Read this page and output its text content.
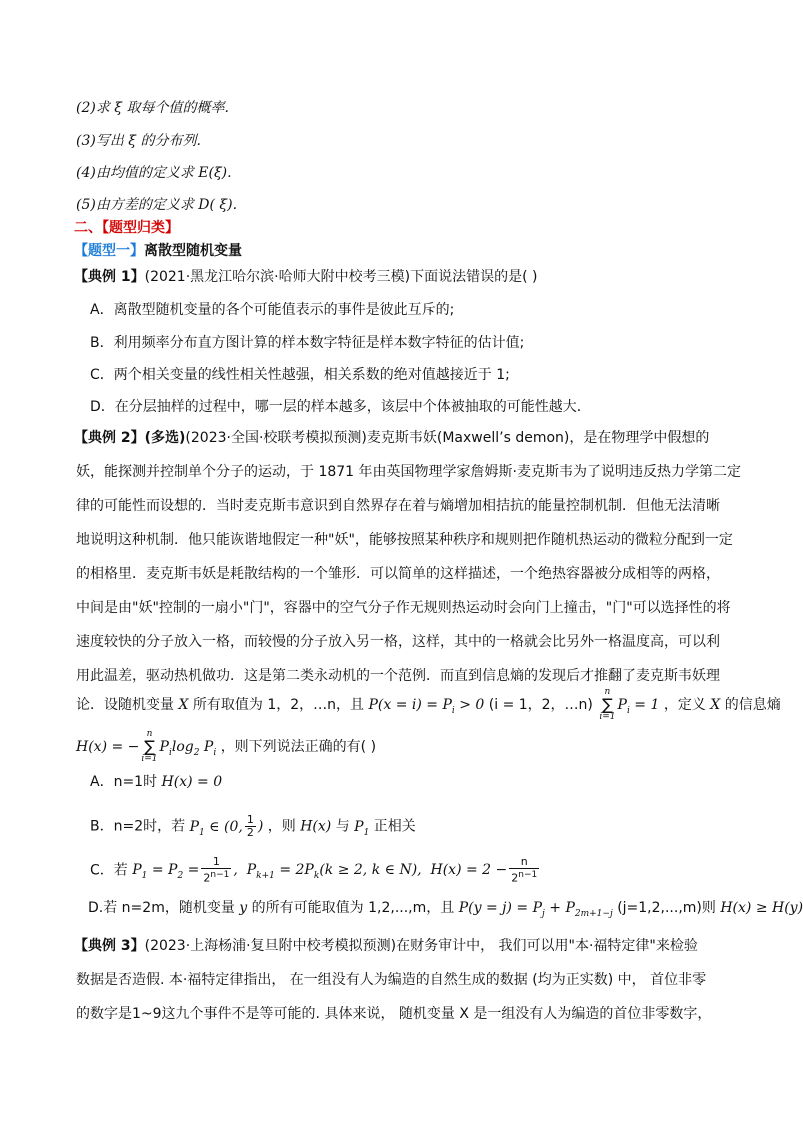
(2)求 ξ 取每个值的概率.
(3)写出 ξ 的分布列.
(4)由均值的定义求 E(ξ).
(5)由方差的定义求 D( ξ).
二、【题型归类】
【题型一】离散型随机变量
【典例 1】(2021·黑龙江哈尔滨·哈师大附中校考三模)下面说法错误的是( )
A．离散型随机变量的各个可能值表示的事件是彼此互斥的;
B．利用频率分布直方图计算的样本数字特征是样本数字特征的估计值;
C．两个相关变量的线性相关性越强，相关系数的绝对值越接近于 1;
D．在分层抽样的过程中，哪一层的样本越多，该层中个体被抽取的可能性越大．
【典例 2】(多选)(2023·全国·校联考模拟预测)麦克斯韦妖(Maxwell’s demon)，是在物理学中假想的
妖，能探测并控制单个分子的运动，于 1871 年由英国物理学家詹姆斯·麦克斯韦为了说明违反热力学第二定
律的可能性而设想的．当时麦克斯韦意识到自然界存在着与熵增加相拮抗的能量控制机制．但他无法清晰
地说明这种机制．他只能诙谐地假定一种"妖"，能够按照某种秩序和规则把作随机热运动的微粒分配到一定
的相格里．麦克斯韦妖是耗散结构的一个雏形．可以简单的这样描述，一个绝热容器被分成相等的两格，
中间是由"妖"控制的一扇小"门"，容器中的空气分子作无规则热运动时会向门上撞击，"门"可以选择性的将
速度较快的分子放入一格，而较慢的分子放入另一格，这样，其中的一格就会比另外一格温度高，可以利
用此温差，驱动热机做功．这是第二类永动机的一个范例．而直到信息熵的发现后才推翻了麦克斯韦妖理
论．设随机变量 X 所有取值为 1，2，…n，且 $P(x = i) = P_i > 0$ (i = 1，2，…n) n
∑
$i=1P_i = 1$ ，定义 X 的信息熵
H(x) = −n
∑
$i=1P_i\log_2$ $P_i$ ，则下列说法正确的有( )
A．n=1时 H(x) = 0
B．n=2时，若 $P_1$ ∈ (0, $\frac{1}{2}$ ) ，则 H(x) 与 $P_1$ 正相关
C．若 $P_1 = P_2 = \frac{1}{2^{n-1}}$ ,  $P_{k+1} = 2P_k(k \ge 2$, k ∈ N),  $H(x) = 2 - \frac{n}{2^{n-1}}$
D.若 n=2m，随机变量 y 的所有可能取值为 1,2,...,m，且 $P(y = j) = P_j + P_{2m+1-j}$ (j=1,2,...,m)则 H(x) ≥ H(y)
【典例 3】(2023·上海杨浦·复旦附中校考模拟预测)在财务审计中， 我们可以用"本·福特定律"来检验
数据是否造假. 本·福特定律指出， 在一组没有人为编造的自然生成的数据 (均为正实数) 中， 首位非零
的数字是1~9这九个事件不是等可能的. 具体来说， 随机变量 X 是一组没有人为编造的首位非零数字，
